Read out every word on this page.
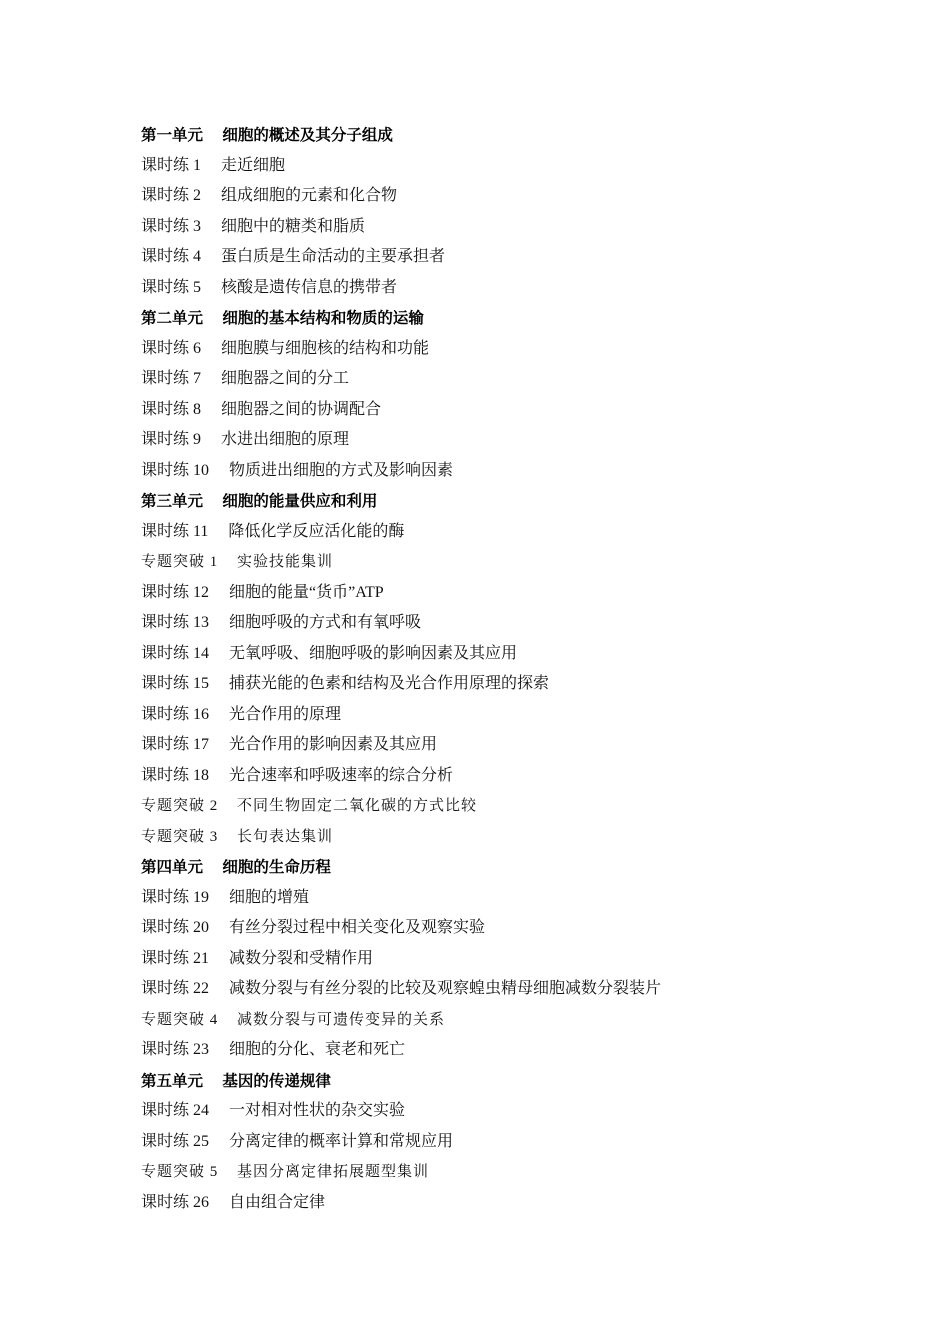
第一单元 细胞的概述及其分子组成
课时练 1 走近细胞
课时练 2 组成细胞的元素和化合物
课时练 3 细胞中的糖类和脂质
课时练 4 蛋白质是生命活动的主要承担者
课时练 5 核酸是遗传信息的携带者
第二单元 细胞的基本结构和物质的运输
课时练 6 细胞膜与细胞核的结构和功能
课时练 7 细胞器之间的分工
课时练 8 细胞器之间的协调配合
课时练 9 水进出细胞的原理
课时练 10 物质进出细胞的方式及影响因素
第三单元 细胞的能量供应和利用
课时练 11 降低化学反应活化能的酶
专题突破 1 实验技能集训
课时练 12 细胞的能量“货币”ATP
课时练 13 细胞呼吸的方式和有氧呼吸
课时练 14 无氧呼吸、细胞呼吸的影响因素及其应用
课时练 15 捕获光能的色素和结构及光合作用原理的探索
课时练 16 光合作用的原理
课时练 17 光合作用的影响因素及其应用
课时练 18 光合速率和呼吸速率的综合分析
专题突破 2 不同生物固定二氧化碳的方式比较
专题突破 3 长句表达集训
第四单元 细胞的生命历程
课时练 19 细胞的增殖
课时练 20 有丝分裂过程中相关变化及观察实验
课时练 21 减数分裂和受精作用
课时练 22 减数分裂与有丝分裂的比较及观察蝗虫精母细胞减数分裂装片
专题突破 4 减数分裂与可遗传变异的关系
课时练 23 细胞的分化、衰老和死亡
第五单元 基因的传递规律
课时练 24 一对相对性状的杂交实验
课时练 25 分离定律的概率计算和常规应用
专题突破 5 基因分离定律拓展题型集训
课时练 26 自由组合定律
